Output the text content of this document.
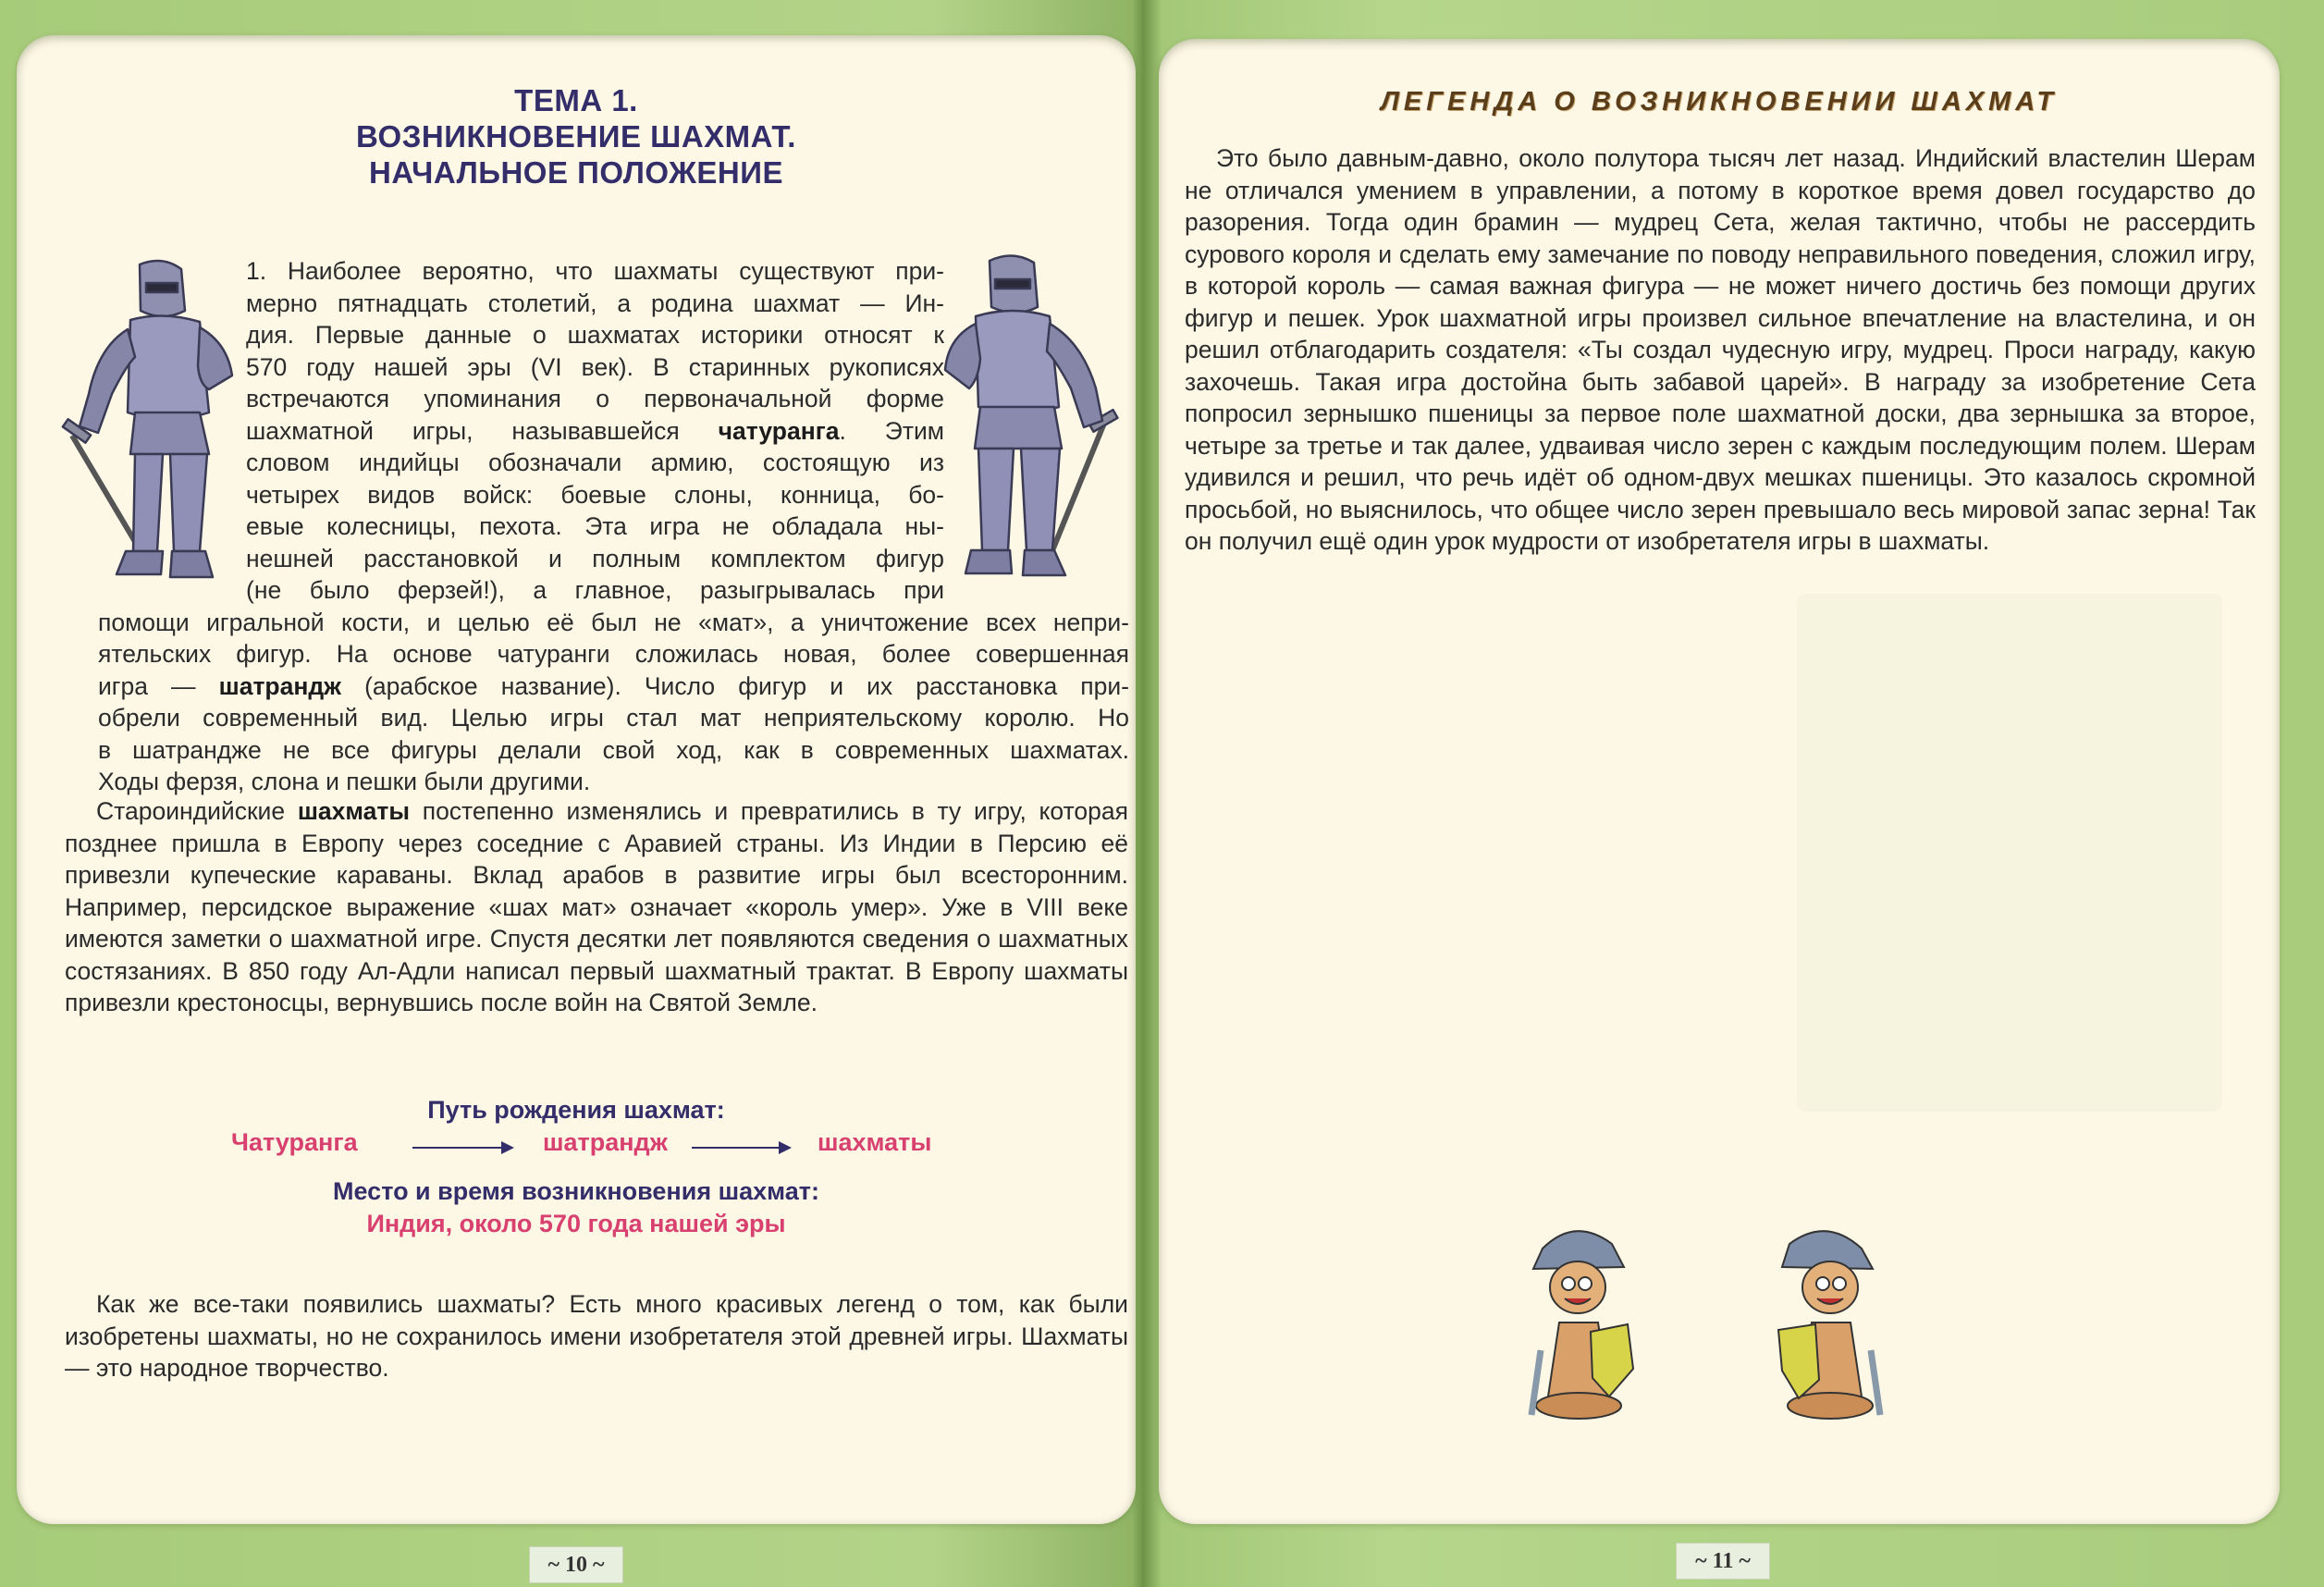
ТЕМА 1.
ВОЗНИКНОВЕНИЕ ШАХМАТ.
НАЧАЛЬНОЕ ПОЛОЖЕНИЕ
1. Наиболее вероятно, что шахматы существуют при-
мерно пятнадцать столетий, а родина шахмат — Ин-
дия. Первые данные о шахматах историки относят к
570 году нашей эры (VI век). В старинных рукописях
встречаются упоминания о первоначальной форме
шахматной игры, называвшейся чатуранга. Этим
словом индийцы обозначали армию, состоящую из
четырех видов войск: боевые слоны, конница, бо-
евые колесницы, пехота. Эта игра не обладала ны-
нешней расстановкой и полным комплектом фигур
(не было ферзей!), а главное, разыгрывалась при
помощи игральной кости, и целью её был не «мат», а уничтожение всех непри-
ятельских фигур. На основе чатуранги сложилась новая, более совершенная
игра — шатрандж (арабское название). Число фигур и их расстановка при-
обрели современный вид. Целью игры стал мат неприятельскому королю. Но
в шатрандже не все фигуры делали свой ход, как в современных шахматах.
Ходы ферзя, слона и пешки были другими.

Староиндийские шахматы постепенно изменялись и превратились в ту игру, которая позднее пришла в Европу через соседние с Аравией страны. Из Индии в Персию её привезли купеческие караваны. Вклад арабов в развитие игры был всесторонним. Например, персидское выражение «шах мат» означает «король умер». Уже в VIII веке имеются заметки о шахматной игре. Спустя десятки лет появляются сведения о шахматных состязаниях. В 850 году Ал-Адли написал первый шахматный трактат. В Европу шахматы привезли крестоносцы, вернувшись после войн на Святой Земле.

Путь рождения шахмат:
Чатуранга	шатрандж	шахматы
Место и время возникновения шахмат:
Индия, около 570 года нашей эры

Как же все-таки появились шахматы? Есть много красивых легенд о том, как были изобретены шахматы, но не сохранилось имени изобретателя этой древней игры. Шахматы — это народное творчество.

~ 10 ~
ЛЕГЕНДА О ВОЗНИКНОВЕНИИ ШАХМАТ

Это было давным-давно, около полутора тысяч лет назад. Индийский властелин Шерам не отличался умением в управлении, а потому в короткое время довел государство до разорения. Тогда один брамин — мудрец Сета, желая тактично, чтобы не рассердить сурового короля и сделать ему замечание по поводу неправильного поведения, сложил игру, в которой король — самая важная фигура — не может ничего достичь без помощи других фигур и пешек. Урок шахматной игры произвел сильное впечатление на властелина, и он решил отблагодарить создателя: «Ты создал чудесную игру, мудрец. Проси награду, какую захочешь. Такая игра достойна быть забавой царей». В награду за изобретение Сета попросил зернышко пшеницы за первое поле шахматной доски, два зернышка за второе, четыре за третье и так далее, удваивая число зерен с каждым последующим полем. Шерам удивился и решил, что речь идёт об одном-двух мешках пшеницы. Это казалось скромной просьбой, но выяснилось, что общее число зерен превышало весь мировой запас зерна! Так он получил ещё один урок мудрости от изобретателя игры в шахматы.

~ 11 ~
